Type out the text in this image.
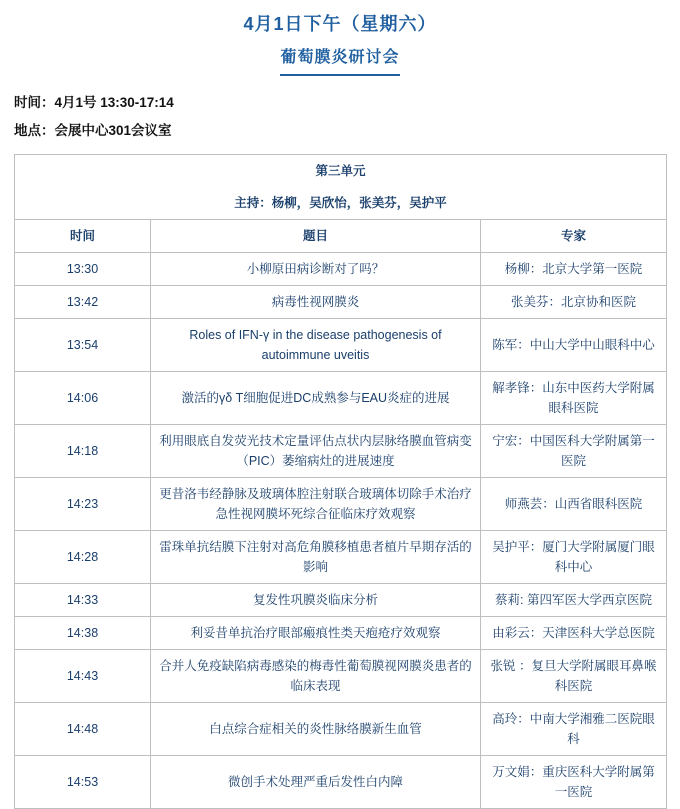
4月1日下午（星期六）
葡萄膜炎研讨会
时间：4月1号 13:30-17:14
地点：会展中心301会议室
第三单元		
主持：杨柳，吴欣怡，张美芬，吴护平		
时间	题目	专家
13:30	小柳原田病诊断对了吗？	杨柳：北京大学第一医院
13:42	病毒性视网膜炎	张美芬：北京协和医院
13:54	Roles of IFN-γ in the disease pathogenesis of autoimmune uveitis	陈军：中山大学中山眼科中心
14:06	激活的γδ T细胞促进DC成熟参与EAU炎症的进展	解孝锋：山东中医药大学附属眼科医院
14:18	利用眼底自发荧光技术定量评估点状内层脉络膜血管病变（PIC）萎缩病灶的进展速度	宁宏：中国医科大学附属第一医院
14:23	更昔洛韦经静脉及玻璃体腔注射联合玻璃体切除手术治疗急性视网膜坏死综合征临床疗效观察	师燕芸：山西省眼科医院
14:28	雷珠单抗结膜下注射对高危角膜移植患者植片早期存活的影响	吴护平：厦门大学附属厦门眼科中心
14:33	复发性巩膜炎临床分析	蔡莉: 第四军医大学西京医院
14:38	利妥昔单抗治疗眼部瘢痕性类天疱疮疗效观察	由彩云：天津医科大学总医院
14:43	合并人免疫缺陷病毒感染的梅毒性葡萄膜视网膜炎患者的临床表现	张锐 ：复旦大学附属眼耳鼻喉科医院
14:48	白点综合症相关的炎性脉络膜新生血管	高玲：中南大学湘雅二医院眼科
14:53	微创手术处理严重后发性白内障	万文娟：重庆医科大学附属第一医院
